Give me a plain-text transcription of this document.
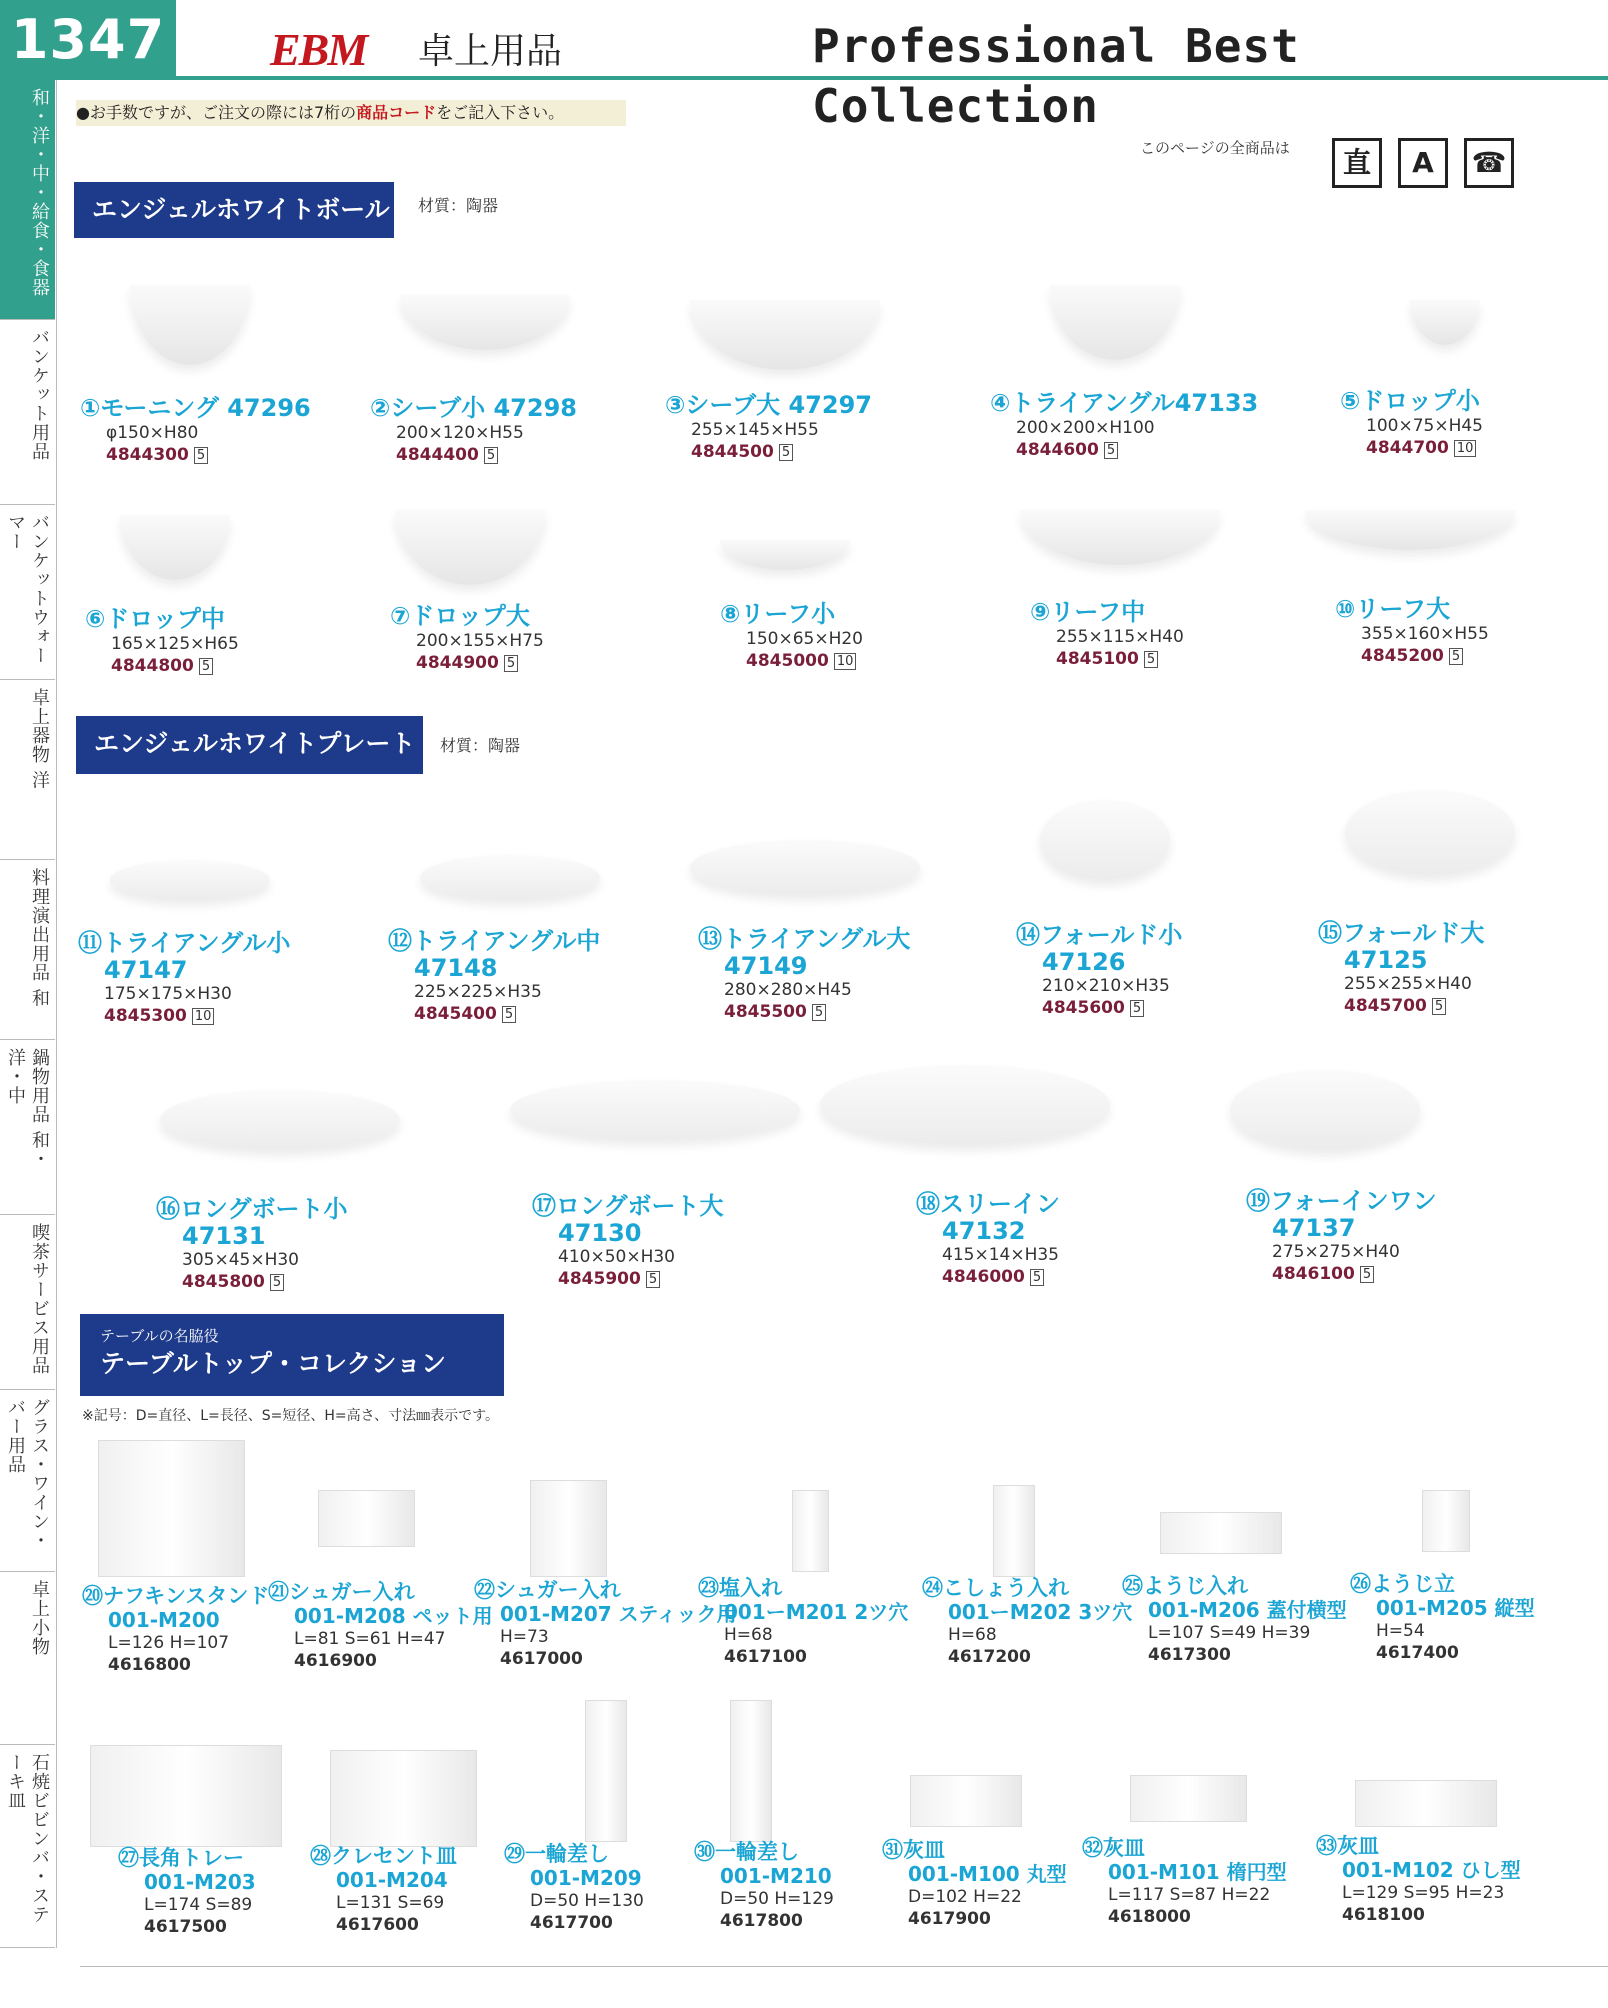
1347 EBM 卓上用品	Professional Best Collection
●お手数ですが、ご注文の際には7桁の商品コードをご記入下さい。
このページの全商品は	直	A	☎
和・洋・中・給食・食器
バンケット用品
バンケットウォーマー
卓上器物 洋
料理演出用品 和
鍋物用品 和・洋・中
喫茶サービス用品
グラス・ワイン・バー用品
卓上小物
石焼ビビンバ・ステーキ皿
エンジェルホワイトボール 材質：陶器
エンジェルホワイトプレート	材質：陶器
テーブルの名脇役
テーブルトップ・コレクション
※記号：D=直径、L=長径、S=短径、H=高さ、寸法㎜表示です。
①モーニング 47296
φ150×H80
4844300 5
②シーブ小 47298
200×120×H55
4844400 5
③シーブ大 47297
255×145×H55
4844500 5
④トライアングル47133
200×200×H100
4844600 5
⑤ドロップ小
100×75×H45
4844700 10
⑥ドロップ中
165×125×H65
4844800 5
⑦ドロップ大
200×155×H75
4844900 5
⑧リーフ小
150×65×H20
4845000 10
⑨リーフ中
255×115×H40
4845100 5
⑩リーフ大
355×160×H55
4845200 5
⑪トライアングル小
47147
175×175×H30
4845300 10
⑫トライアングル中
47148
225×225×H35
4845400 5
⑬トライアングル大
47149
280×280×H45
4845500 5
⑭フォールド小
47126
210×210×H35
4845600 5
⑮フォールド大
47125
255×255×H40
4845700 5
⑯ロングボート小
47131
305×45×H30
4845800 5
⑰ロングボート大
47130
410×50×H30
4845900 5
⑱スリーイン
47132
415×14×H35
4846000 5
⑲フォーインワン
47137
275×275×H40
4846100 5
⑳ナフキンスタンド
001-M200
L=126 H=107
4616800
㉑シュガー入れ
001-M208 ペット用
L=81 S=61 H=47
4616900
㉒シュガー入れ
001-M207 スティック用
H=73
4617000
㉓塩入れ
001ーM201 2ツ穴
H=68
4617100
㉔こしょう入れ
001ーM202 3ツ穴
H=68
4617200
㉕ようじ入れ
001-M206 蓋付横型
L=107 S=49 H=39
4617300
㉖ようじ立
001-M205 縦型
H=54
4617400
㉗長角トレー
001-M203
L=174 S=89
4617500
㉘クレセント皿
001-M204
L=131 S=69
4617600
㉙一輪差し
001-M209
D=50 H=130
4617700
㉚一輪差し
001-M210
D=50 H=129
4617800
㉛灰皿
001-M100 丸型
D=102 H=22
4617900
㉜灰皿
001-M101 楕円型
L=117 S=87 H=22
4618000
㉝灰皿
001-M102 ひし型
L=129 S=95 H=23
4618100
